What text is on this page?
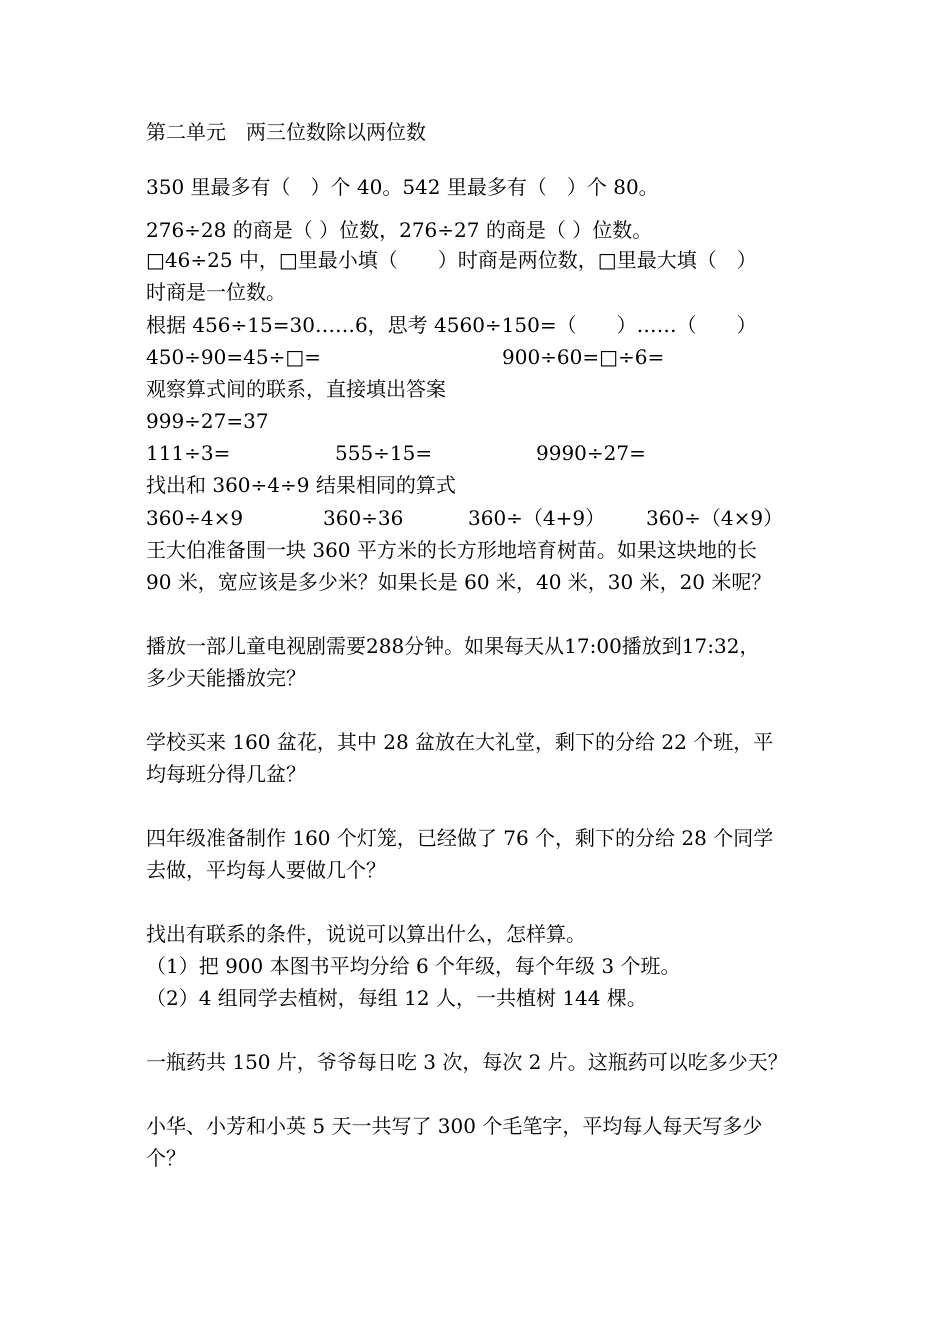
第二单元　两三位数除以两位数
350 里最多有（　）个 40。542 里最多有（　）个 80。
276÷28 的商是（ ）位数，276÷27 的商是（ ）位数。
□46÷25 中，□里最小填（　　）时商是两位数，□里最大填（　）
时商是一位数。
根据 456÷15=30……6，思考 4560÷150=（　　）……（　　）
450÷90=45÷□=	900÷60=□÷6=
观察算式间的联系，直接填出答案
999÷27=37
111÷3=	555÷15=	9990÷27=
找出和 360÷4÷9 结果相同的算式
360÷4×9	360÷36	360÷（4+9） 360÷（4×9）
王大伯准备围一块 360 平方米的长方形地培育树苗。如果这块地的长
90 米，宽应该是多少米？如果长是 60 米，40 米，30 米，20 米呢？
播放一部儿童电视剧需要288分钟。如果每天从17:00播放到17:32，
多少天能播放完？
学校买来 160 盆花，其中 28 盆放在大礼堂，剩下的分给 22 个班，平
均每班分得几盆？
四年级准备制作 160 个灯笼，已经做了 76 个，剩下的分给 28 个同学
去做，平均每人要做几个？
找出有联系的条件，说说可以算出什么，怎样算。
（1）把 900 本图书平均分给 6 个年级，每个年级 3 个班。
（2）4 组同学去植树，每组 12 人，一共植树 144 棵。
一瓶药共 150 片，爷爷每日吃 3 次，每次 2 片。这瓶药可以吃多少天？
小华、小芳和小英 5 天一共写了 300 个毛笔字，平均每人每天写多少
个？
